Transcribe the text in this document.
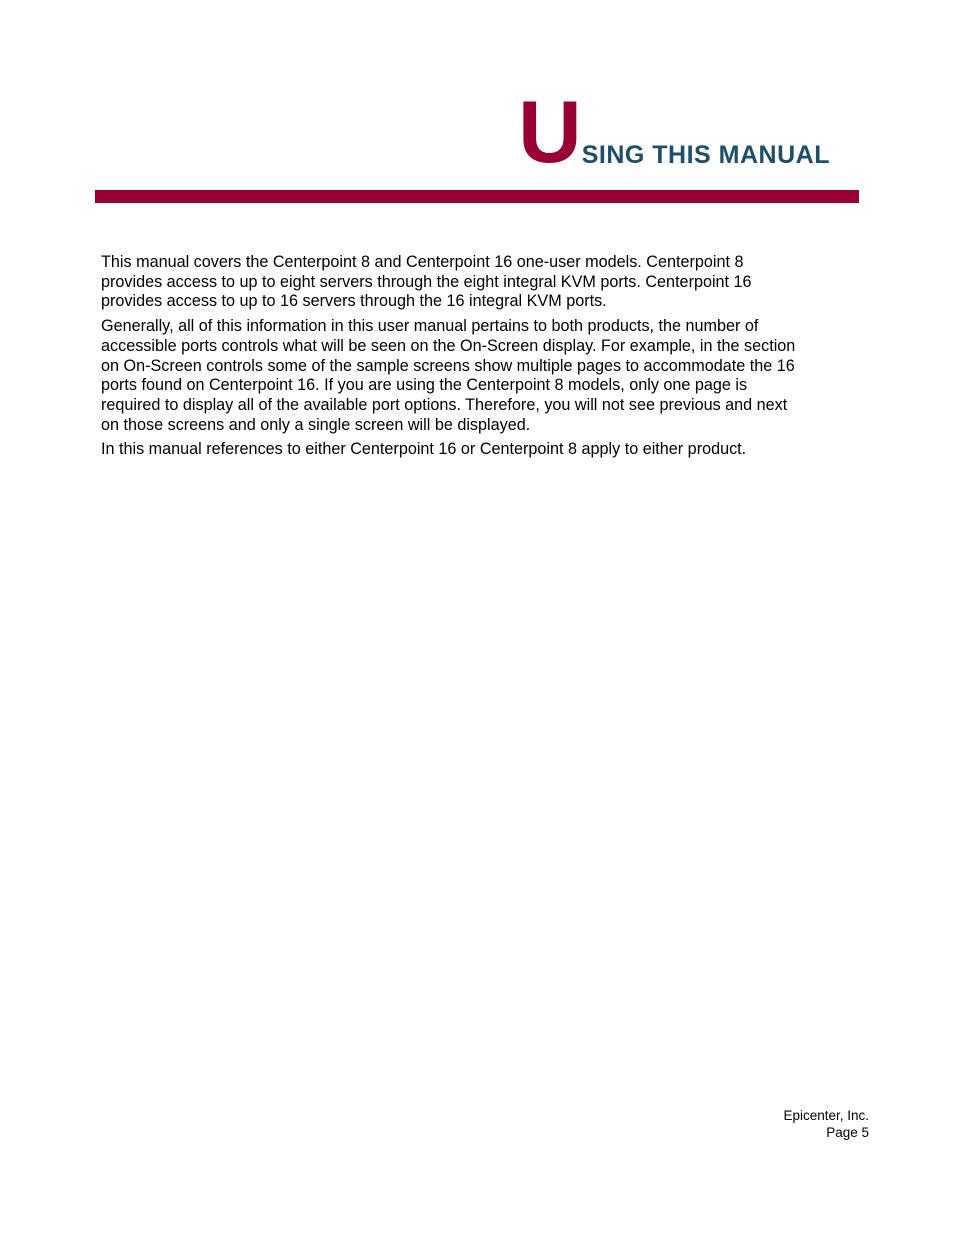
USING THIS MANUAL

This manual covers the Centerpoint 8 and Centerpoint 16 one-user models. Centerpoint 8
provides access to up to eight servers through the eight integral KVM ports. Centerpoint 16
provides access to up to 16 servers through the 16 integral KVM ports.

Generally, all of this information in this user manual pertains to both products, the number of
accessible ports controls what will be seen on the On-Screen display. For example, in the section
on On-Screen controls some of the sample screens show multiple pages to accommodate the 16
ports found on Centerpoint 16. If you are using the Centerpoint 8 models, only one page is
required to display all of the available port options. Therefore, you will not see previous and next
on those screens and only a single screen will be displayed.

In this manual references to either Centerpoint 16 or Centerpoint 8 apply to either product.

Epicenter, Inc.
Page 5
